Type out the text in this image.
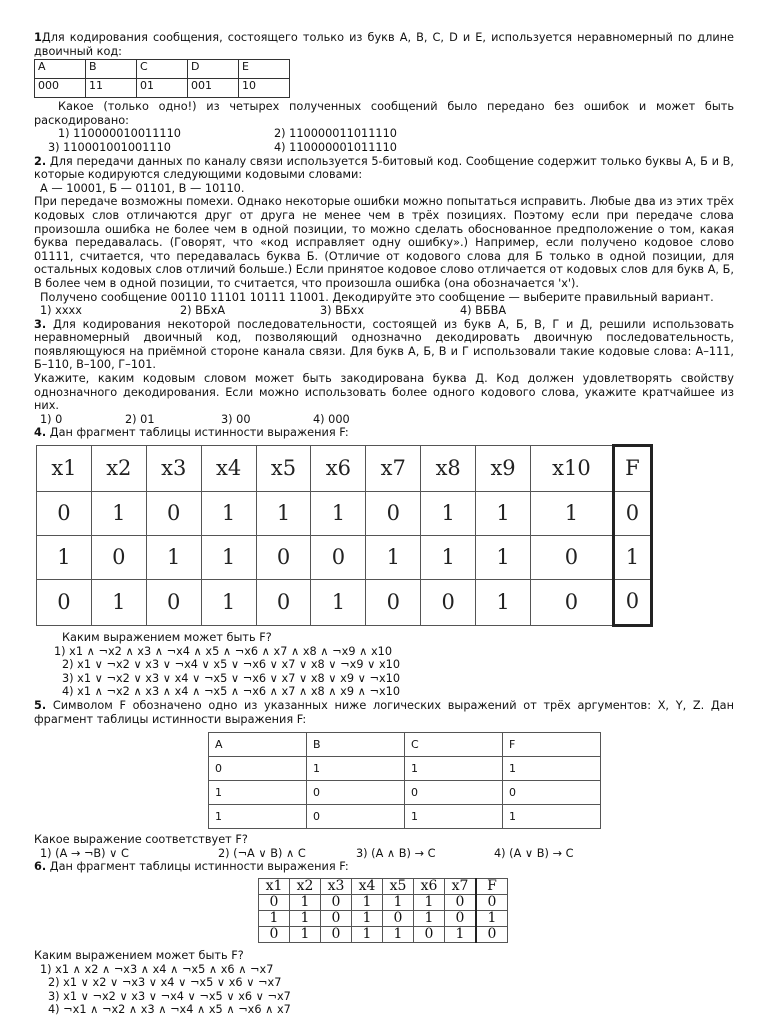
1Для кодирования сообщения, состоящего только из букв A, B, C, D и E, используется неравномерный по длине двоичный код:

A	B	C	D	E
000	11	01	001	10

Какое (только одно!) из четырех полученных сообщений было передано без ошибок и может быть раскодировано:

1) 110000010011110	2) 110000011011110

3) 110001001001110	4) 110000001011110

2. Для передачи данных по каналу связи используется 5-битовый код. Сообщение содержит только буквы А, Б и В, которые кодируются следующими кодовыми словами:

А — 10001, Б — 01101, В — 10110.

При передаче возможны помехи. Однако некоторые ошибки можно попытаться исправить. Любые два из этих трёх кодовых слов отличаются друг от друга не менее чем в трёх позициях. Поэтому если при передаче слова произошла ошибка не более чем в одной позиции, то можно сделать обоснованное предположение о том, какая буква передавалась. (Говорят, что «код исправляет одну ошибку».) Например, если получено кодовое слово 01111, считается, что передавалась буква Б. (Отличие от кодового слова для Б только в одной позиции, для остальных кодовых слов отличий больше.) Если принятое кодовое слово отличается от кодовых слов для букв А, Б, В более чем в одной позиции, то считается, что произошла ошибка (она обозначается 'x').

Получено сообщение 00110 11101 10111 11001. Декодируйте это сообщение — выберите правильный вариант.

1) xxxx	2) ВБxА	3) ВБxx	4) ВБВА

3. Для кодирования некоторой последовательности, состоящей из букв А, Б, В, Г и Д, решили использовать неравномерный двоичный код, позволяющий однозначно декодировать двоичную последовательность, появляющуюся на приёмной стороне канала связи. Для букв А, Б, В и Г использовали такие кодовые слова: А–111, Б–110, В–100, Г–101.

Укажите, каким кодовым словом может быть закодирована буква Д. Код должен удовлетворять свойству однозначного декодирования. Если можно использовать более одного кодового слова, укажите кратчайшее из них.

1) 0	2) 01	3) 00	4) 000

4. Дан фрагмент таблицы истинности выражения F:

x1	x2	x3	x4	x5	x6	x7	x8	x9	x10	F
0	1	0	1	1	1	0	1	1	1	0
1	0	1	1	0	0	1	1	1	0	1
0	1	0	1	0	1	0	0	1	0	0

Каким выражением может быть F?

1) x1 ∧ ¬x2 ∧ x3 ∧ ¬x4 ∧ x5 ∧ ¬x6 ∧ x7 ∧ x8 ∧ ¬x9 ∧ x10

2) x1 ∨ ¬x2 ∨ x3 ∨ ¬x4 ∨ x5 ∨ ¬x6 ∨ x7 ∨ x8 ∨ ¬x9 ∨ x10

3) x1 ∨ ¬x2 ∨ x3 ∨ x4 ∨ ¬x5 ∨ ¬x6 ∨ x7 ∨ x8 ∨ x9 ∨ ¬x10

4) x1 ∧ ¬x2 ∧ x3 ∧ x4 ∧ ¬x5 ∧ ¬x6 ∧ x7 ∧ x8 ∧ x9 ∧ ¬x10

5. Символом F обозначено одно из указанных ниже логических выражений от трёх аргументов: X, Y, Z. Дан фрагмент таблицы истинности выражения F:

A	B	C	F
0	1	1	1
1	0	0	0
1	0	1	1

Какое выражение соответствует F?

1) (A → ¬B) ∨ C	2) (¬A ∨ B) ∧ C	3) (A ∧ B) → C	4) (A ∨ B) → C

6. Дан фрагмент таблицы истинности выражения F:

x1	x2	x3	x4	x5	x6	x7	F
0	1	0	1	1	1	0	0
1	1	0	1	0	1	0	1
0	1	0	1	1	0	1	0

Каким выражением может быть F?

1) x1 ∧ x2 ∧ ¬x3 ∧ x4 ∧ ¬x5 ∧ x6 ∧ ¬x7

2) x1 ∨ x2 ∨ ¬x3 ∨ x4 ∨ ¬x5 ∨ x6 ∨ ¬x7

3) x1 ∨ ¬x2 ∨ x3 ∨ ¬x4 ∨ ¬x5 ∨ x6 ∨ ¬x7

4) ¬x1 ∧ ¬x2 ∧ x3 ∧ ¬x4 ∧ x5 ∧ ¬x6 ∧ x7
